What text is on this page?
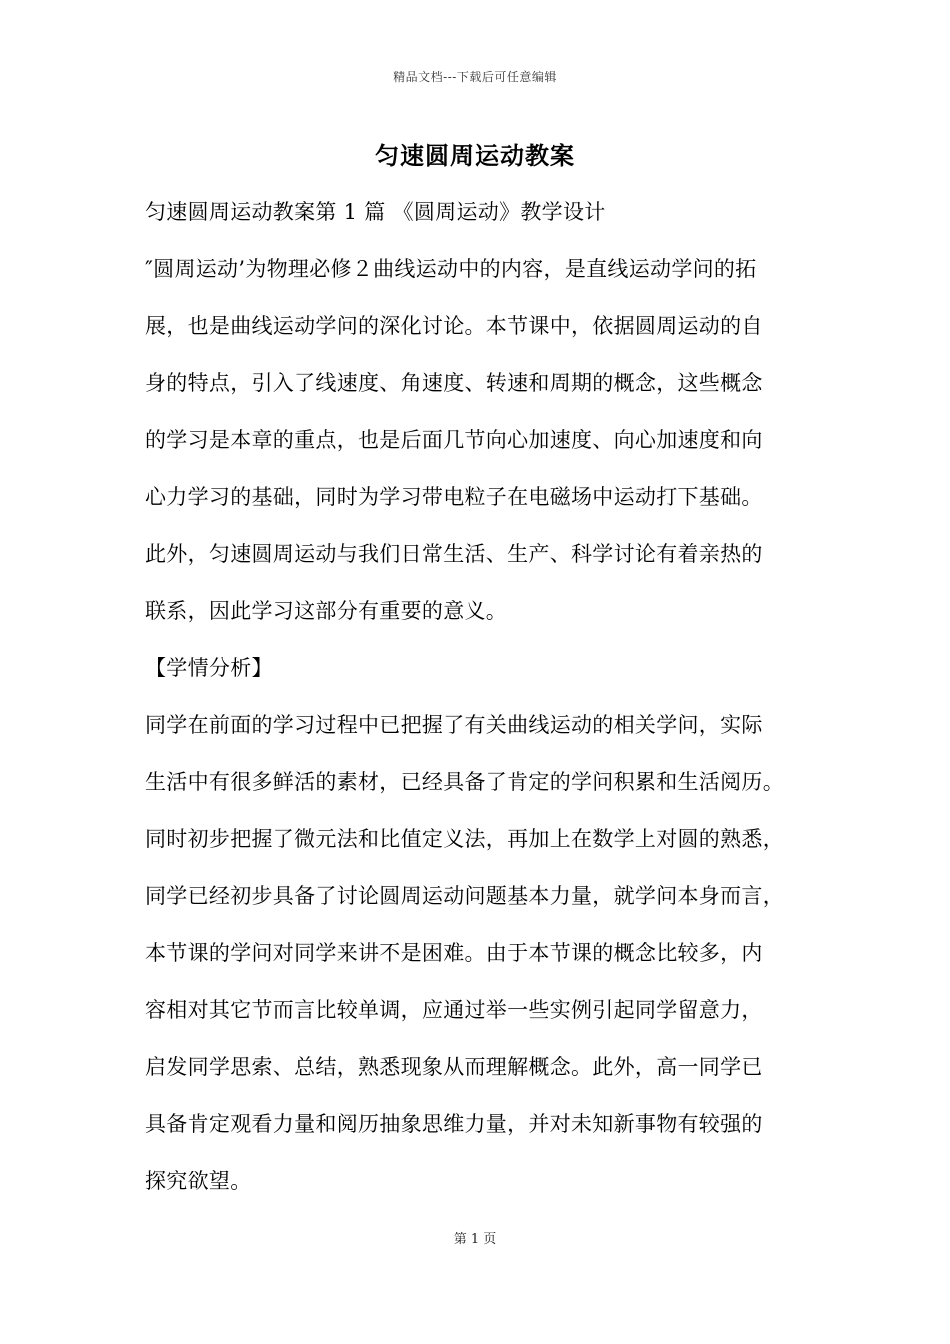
精品文档---下载后可任意编辑
匀速圆周运动教案
匀速圆周运动教案第 1 篇 《圆周运动》教学设计
″圆周运动’为物理必修２曲线运动中的内容，是直线运动学问的拓
展，也是曲线运动学问的深化讨论。本节课中，依据圆周运动的自
身的特点，引入了线速度、角速度、转速和周期的概念，这些概念
的学习是本章的重点，也是后面几节向心加速度、向心加速度和向
心力学习的基础，同时为学习带电粒子在电磁场中运动打下基础。
此外，匀速圆周运动与我们日常生活、生产、科学讨论有着亲热的
联系，因此学习这部分有重要的意义。
【学情分析】
同学在前面的学习过程中已把握了有关曲线运动的相关学问，实际
生活中有很多鲜活的素材，已经具备了肯定的学问积累和生活阅历。
同时初步把握了微元法和比值定义法，再加上在数学上对圆的熟悉，
同学已经初步具备了讨论圆周运动问题基本力量，就学问本身而言，
本节课的学问对同学来讲不是困难。由于本节课的概念比较多，内
容相对其它节而言比较单调，应通过举一些实例引起同学留意力，
启发同学思索、总结，熟悉现象从而理解概念。此外，高一同学已
具备肯定观看力量和阅历抽象思维力量，并对未知新事物有较强的
探究欲望。
第 1 页
